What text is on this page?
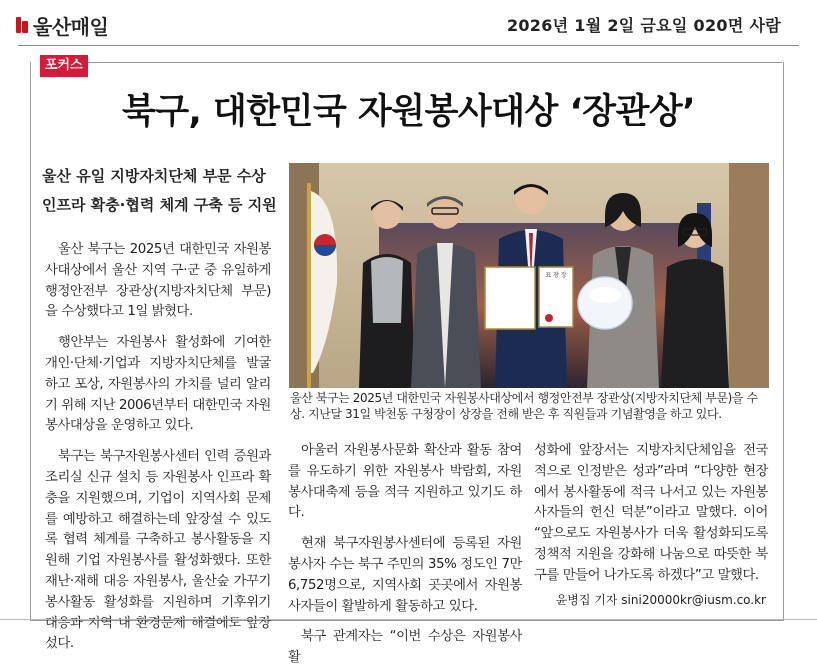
울산매일	2026년 1월 2일 금요일 020면 사람
포커스
북구, 대한민국 자원봉사대상 ‘장관상’
울산 유일 지방자치단체 부문 수상
인프라 확충·협력 체계 구축 등 지원

울산 북구는 2025년 대한민국 자원봉사대상에서 울산 지역 구·군 중 유일하게 행정안전부 장관상(지방자치단체 부문)을 수상했다고 1일 밝혔다.

행안부는 자원봉사 활성화에 기여한 개인·단체·기업과 지방자치단체를 발굴하고 포상, 자원봉사의 가치를 널리 알리기 위해 지난 2006년부터 대한민국 자원봉사대상을 운영하고 있다.

북구는 북구자원봉사센터 인력 증원과 조리실 신규 설치 등 자원봉사 인프라 확충을 지원했으며, 기업이 지역사회 문제를 예방하고 해결하는데 앞장설 수 있도록 협력 체계를 구축하고 봉사활동을 지원해 기업 자원봉사를 활성화했다. 또한 재난·재해 대응 자원봉사, 울산숲 가꾸기 봉사활동 활성화를 지원하며 기후위기 대응과 지역 내 환경문제 해결에도 앞장섰다.

표 창 장
울산 북구는 2025년 대한민국 자원봉사대상에서 행정안전부 장관상(지방자치단체 부문)을 수상. 지난달 31일 박천동 구청장이 상장을 전해 받은 후 직원들과 기념촬영을 하고 있다.

아울러 자원봉사문화 확산과 활동 참여를 유도하기 위한 자원봉사 박람회, 자원봉사대축제 등을 적극 지원하고 있기도 하다.

현재 북구자원봉사센터에 등록된 자원봉사자 수는 북구 주민의 35% 정도인 7만 6,752명으로, 지역사회 곳곳에서 자원봉사자들이 활발하게 활동하고 있다.

북구 관계자는 “이번 수상은 자원봉사 활

성화에 앞장서는 지방자치단체임을 전국적으로 인정받은 성과”라며 “다양한 현장에서 봉사활동에 적극 나서고 있는 자원봉사자들의 헌신 덕분”이라고 말했다. 이어 “앞으로도 자원봉사가 더욱 활성화되도록 정책적 지원을 강화해 나눔으로 따뜻한 북구를 만들어 나가도록 하겠다”고 말했다.

윤병집 기자 sini20000kr@iusm.co.kr
